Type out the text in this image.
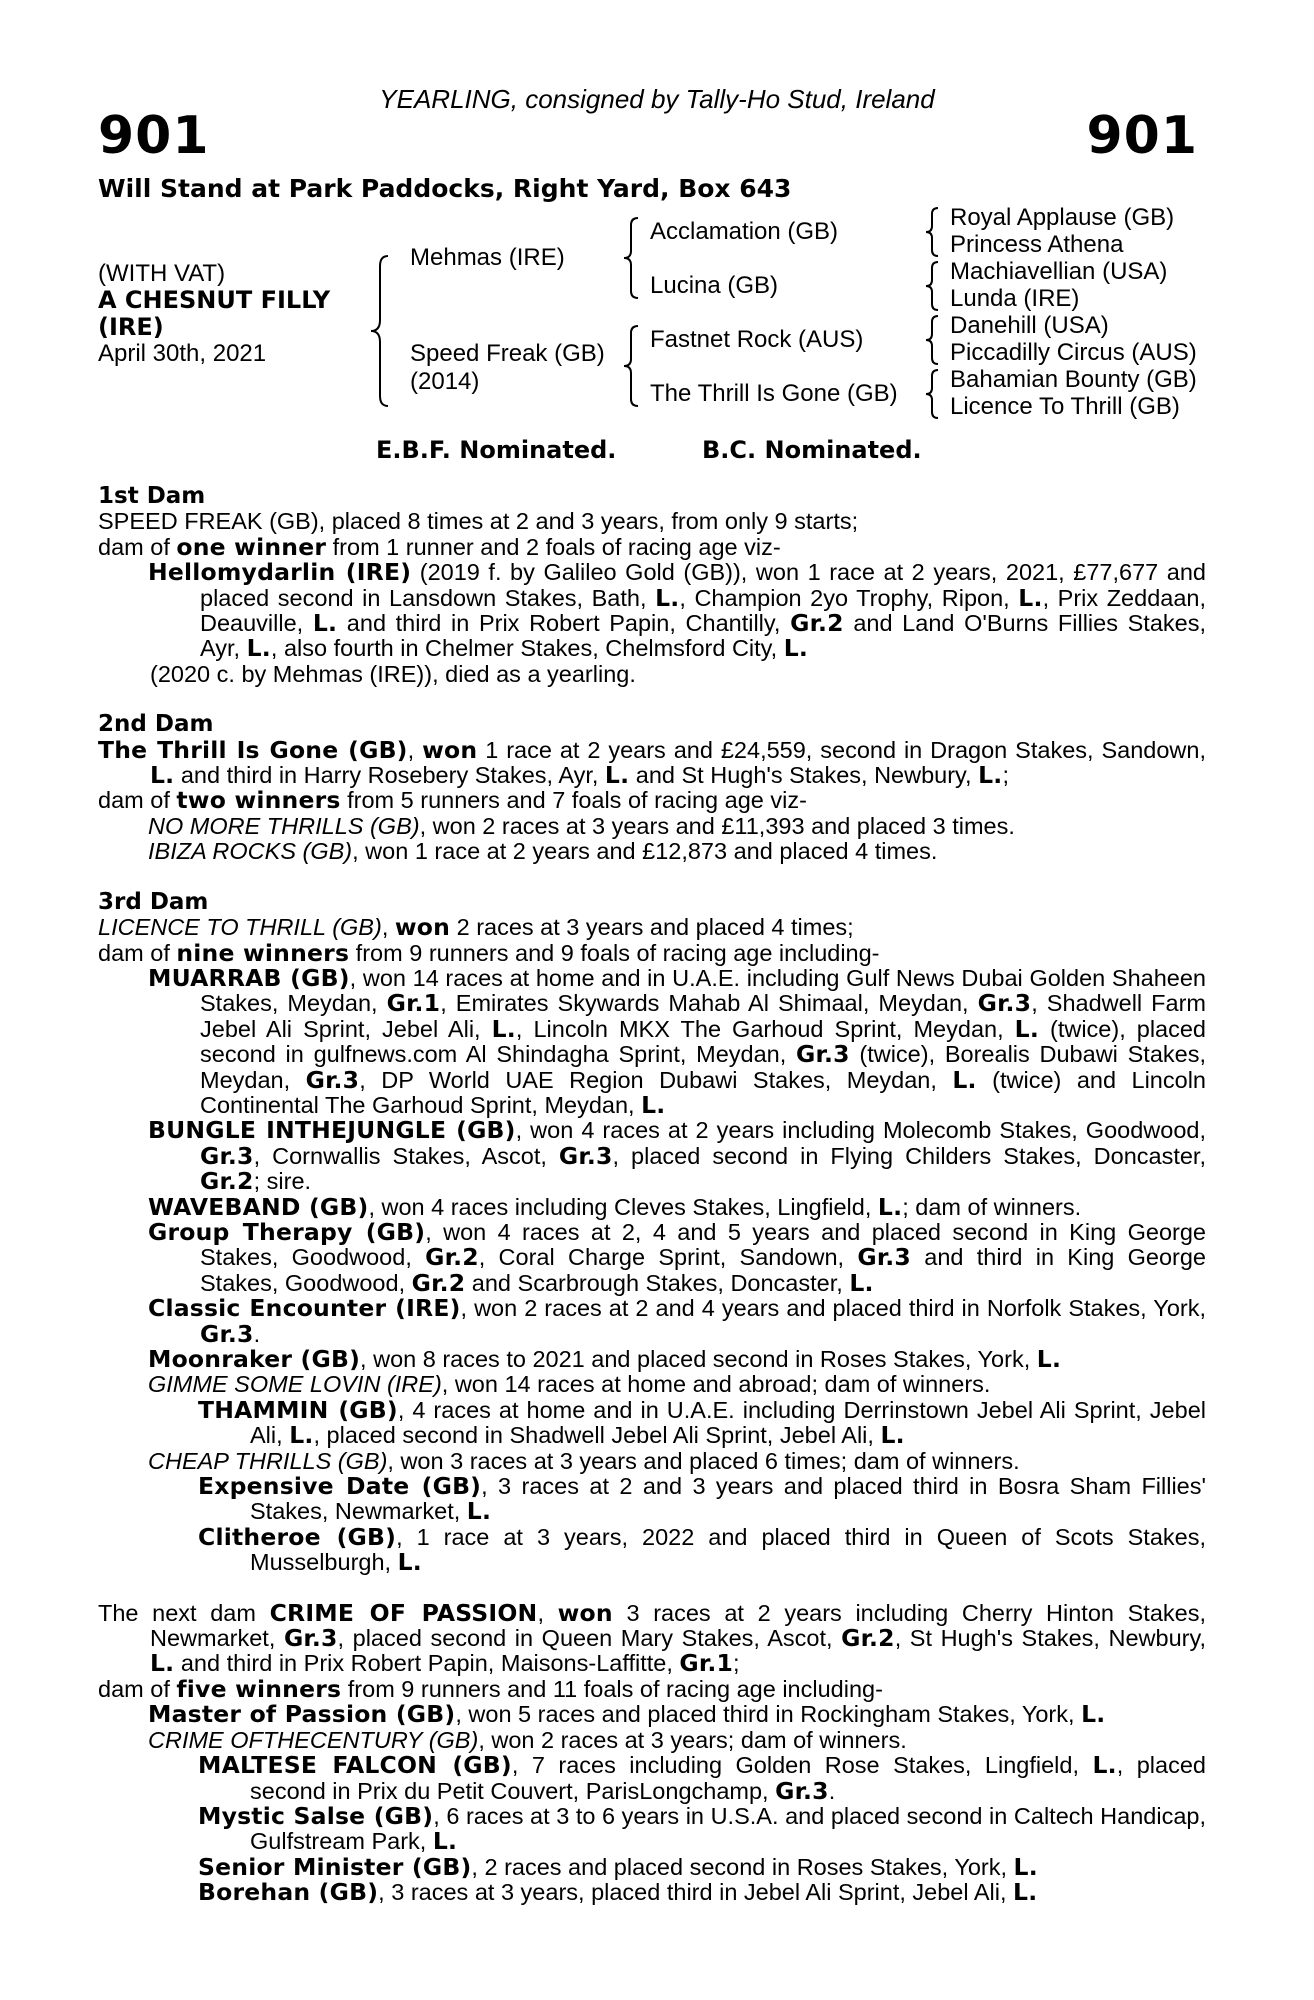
YEARLING, consigned by Tally-Ho Stud, Ireland
901	901
Will Stand at Park Paddocks, Right Yard, Box 643
(WITH VAT)
A CHESNUT FILLY
(IRE)
April 30th, 2021
Mehmas (IRE)
Speed Freak (GB)
(2014)
Acclamation (GB)
Lucina (GB)
Fastnet Rock (AUS)
The Thrill Is Gone (GB)
Royal Applause (GB)
Princess Athena
Machiavellian (USA)
Lunda (IRE)
Danehill (USA)
Piccadilly Circus (AUS)
Bahamian Bounty (GB)
Licence To Thrill (GB)
E.B.F. Nominated.	B.C. Nominated.
1st Dam
SPEED FREAK (GB), placed 8 times at 2 and 3 years, from only 9 starts;
dam of one winner from 1 runner and 2 foals of racing age viz-
Hellomydarlin (IRE) (2019 f. by Galileo Gold (GB)), won 1 race at 2 years, 2021, £77,677 and placed second in Lansdown Stakes, Bath, L., Champion 2yo Trophy, Ripon, L., Prix Zeddaan, Deauville, L. and third in Prix Robert Papin, Chantilly, Gr.2 and Land O'Burns Fillies Stakes, Ayr, L., also fourth in Chelmer Stakes, Chelmsford City, L.
(2020 c. by Mehmas (IRE)), died as a yearling.
2nd Dam
The Thrill Is Gone (GB), won 1 race at 2 years and £24,559, second in Dragon Stakes, Sandown, L. and third in Harry Rosebery Stakes, Ayr, L. and St Hugh's Stakes, Newbury, L.;
dam of two winners from 5 runners and 7 foals of racing age viz-
NO MORE THRILLS (GB), won 2 races at 3 years and £11,393 and placed 3 times.
IBIZA ROCKS (GB), won 1 race at 2 years and £12,873 and placed 4 times.
3rd Dam
LICENCE TO THRILL (GB), won 2 races at 3 years and placed 4 times;
dam of nine winners from 9 runners and 9 foals of racing age including-
MUARRAB (GB), won 14 races at home and in U.A.E. including Gulf News Dubai Golden Shaheen Stakes, Meydan, Gr.1, Emirates Skywards Mahab Al Shimaal, Meydan, Gr.3, Shadwell Farm Jebel Ali Sprint, Jebel Ali, L., Lincoln MKX The Garhoud Sprint, Meydan, L. (twice), placed second in gulfnews.com Al Shindagha Sprint, Meydan, Gr.3 (twice), Borealis Dubawi Stakes, Meydan, Gr.3, DP World UAE Region Dubawi Stakes, Meydan, L. (twice) and Lincoln Continental The Garhoud Sprint, Meydan, L.
BUNGLE INTHEJUNGLE (GB), won 4 races at 2 years including Molecomb Stakes, Goodwood, Gr.3, Cornwallis Stakes, Ascot, Gr.3, placed second in Flying Childers Stakes, Doncaster, Gr.2; sire.
WAVEBAND (GB), won 4 races including Cleves Stakes, Lingfield, L.; dam of winners.
Group Therapy (GB), won 4 races at 2, 4 and 5 years and placed second in King George Stakes, Goodwood, Gr.2, Coral Charge Sprint, Sandown, Gr.3 and third in King George Stakes, Goodwood, Gr.2 and Scarbrough Stakes, Doncaster, L.
Classic Encounter (IRE), won 2 races at 2 and 4 years and placed third in Norfolk Stakes, York, Gr.3.
Moonraker (GB), won 8 races to 2021 and placed second in Roses Stakes, York, L.
GIMME SOME LOVIN (IRE), won 14 races at home and abroad; dam of winners.
THAMMIN (GB), 4 races at home and in U.A.E. including Derrinstown Jebel Ali Sprint, Jebel Ali, L., placed second in Shadwell Jebel Ali Sprint, Jebel Ali, L.
CHEAP THRILLS (GB), won 3 races at 3 years and placed 6 times; dam of winners.
Expensive Date (GB), 3 races at 2 and 3 years and placed third in Bosra Sham Fillies' Stakes, Newmarket, L.
Clitheroe (GB), 1 race at 3 years, 2022 and placed third in Queen of Scots Stakes, Musselburgh, L.
The next dam CRIME OF PASSION, won 3 races at 2 years including Cherry Hinton Stakes, Newmarket, Gr.3, placed second in Queen Mary Stakes, Ascot, Gr.2, St Hugh's Stakes, Newbury, L. and third in Prix Robert Papin, Maisons-Laffitte, Gr.1;
dam of five winners from 9 runners and 11 foals of racing age including-
Master of Passion (GB), won 5 races and placed third in Rockingham Stakes, York, L.
CRIME OFTHECENTURY (GB), won 2 races at 3 years; dam of winners.
MALTESE FALCON (GB), 7 races including Golden Rose Stakes, Lingfield, L., placed second in Prix du Petit Couvert, ParisLongchamp, Gr.3.
Mystic Salse (GB), 6 races at 3 to 6 years in U.S.A. and placed second in Caltech Handicap, Gulfstream Park, L.
Senior Minister (GB), 2 races and placed second in Roses Stakes, York, L.
Borehan (GB), 3 races at 3 years, placed third in Jebel Ali Sprint, Jebel Ali, L.
